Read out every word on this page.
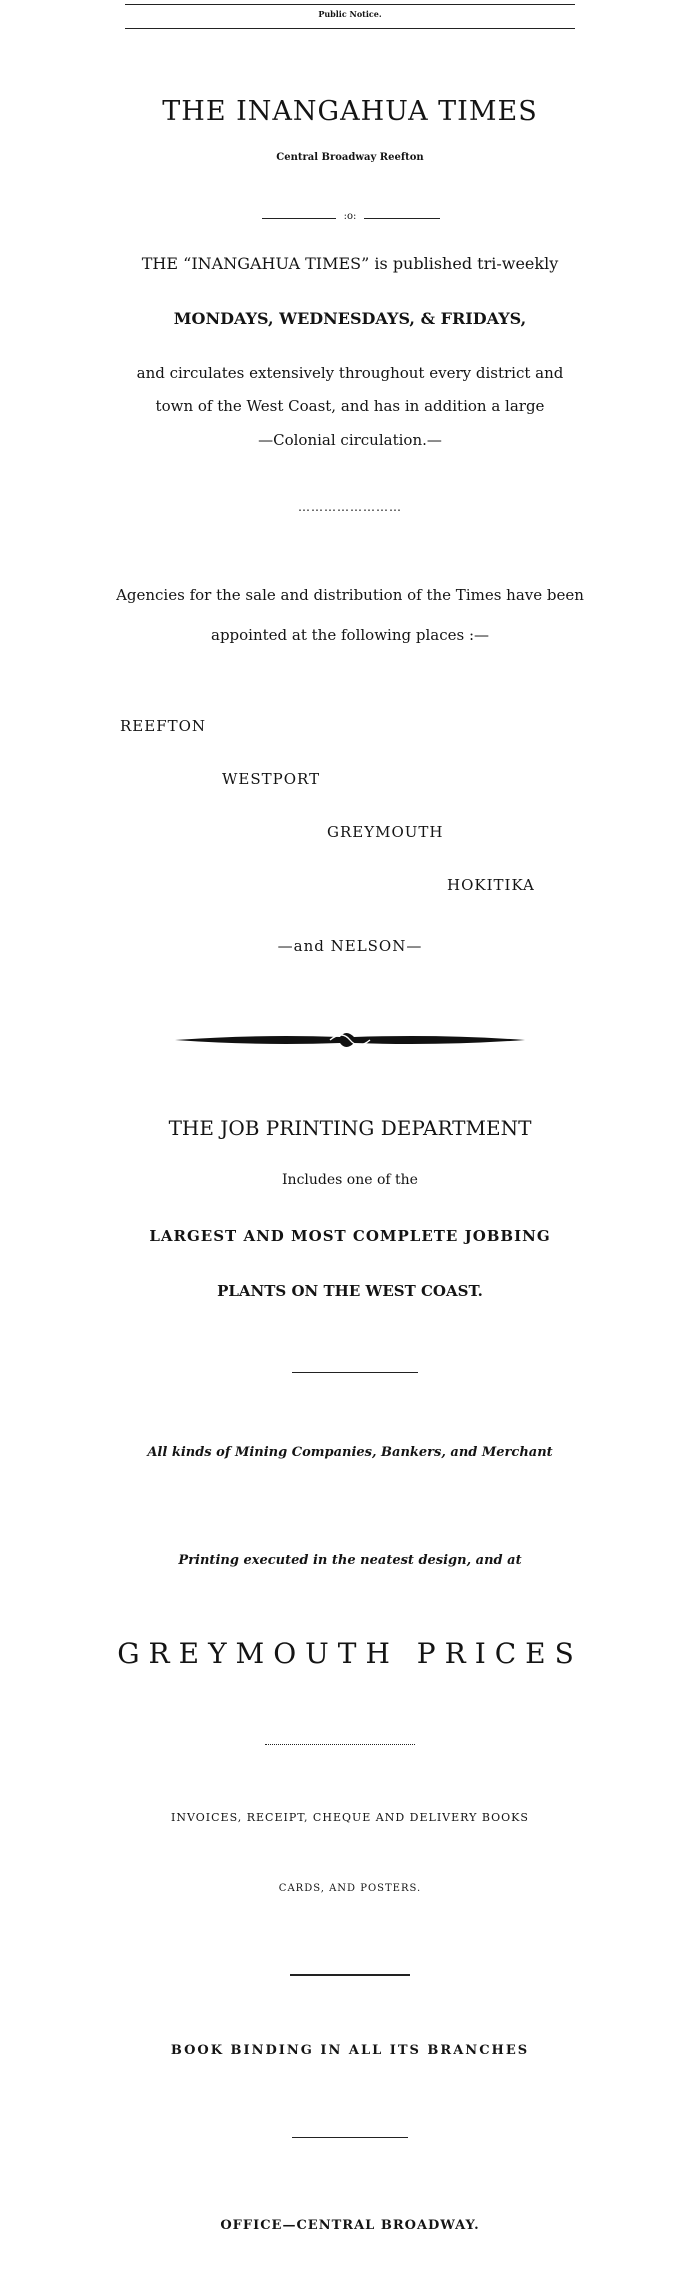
Public Notice.
THE INANGAHUA TIMES
Central Broadway Reefton
:o:
THE “INANGAHUA TIMES” is published tri-weekly
MONDAYS, WEDNESDAYS, & FRIDAYS,
and circulates extensively throughout every district and
town of the West Coast, and has in addition a large
—Colonial circulation.—
……………………
Agencies for the sale and distribution of the Times have been
appointed at the following places :—
REEFTON
WESTPORT
GREYMOUTH
HOKITIKA
—and NELSON—
THE JOB PRINTING DEPARTMENT
Includes one of the
LARGEST AND MOST COMPLETE JOBBING
PLANTS ON THE WEST COAST.
All kinds of Mining Companies, Bankers, and Merchant
Printing executed in the neatest design, and at
GREYMOUTH PRICES
INVOICES, RECEIPT, CHEQUE AND DELIVERY BOOKS
CARDS, AND POSTERS.
BOOK BINDING IN ALL ITS BRANCHES
OFFICE—CENTRAL BROADWAY.
